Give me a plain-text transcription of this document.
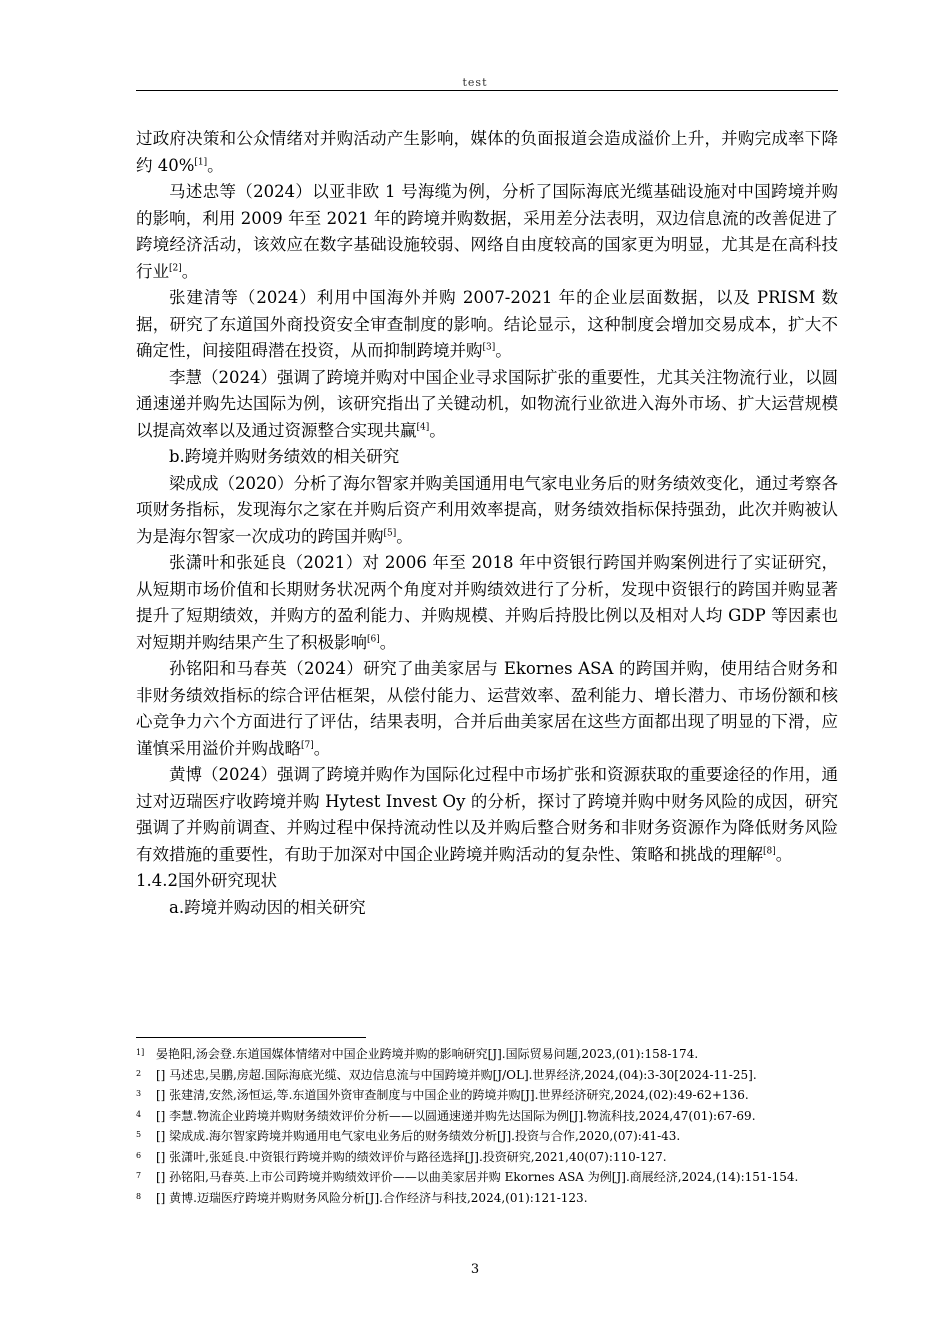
test

过政府决策和公众情绪对并购活动产生影响，媒体的负面报道会造成溢价上升，并购完成率下降约 40%[1]。

马述忠等（2024）以亚非欧 1 号海缆为例，分析了国际海底光缆基础设施对中国跨境并购的影响，利用 2009 年至 2021 年的跨境并购数据，采用差分法表明，双边信息流的改善促进了跨境经济活动，该效应在数字基础设施较弱、网络自由度较高的国家更为明显，尤其是在高科技行业[2]。

张建清等（2024）利用中国海外并购 2007-2021 年的企业层面数据，以及 PRISM 数据，研究了东道国外商投资安全审查制度的影响。结论显示，这种制度会增加交易成本，扩大不确定性，间接阻碍潜在投资，从而抑制跨境并购[3]。

李慧（2024）强调了跨境并购对中国企业寻求国际扩张的重要性，尤其关注物流行业，以圆通速递并购先达国际为例，该研究指出了关键动机，如物流行业欲进入海外市场、扩大运营规模以提高效率以及通过资源整合实现共赢[4]。

b.跨境并购财务绩效的相关研究

梁成成（2020）分析了海尔智家并购美国通用电气家电业务后的财务绩效变化，通过考察各项财务指标，发现海尔之家在并购后资产利用效率提高，财务绩效指标保持强劲，此次并购被认为是海尔智家一次成功的跨国并购[5]。

张潇叶和张延良（2021）对 2006 年至 2018 年中资银行跨国并购案例进行了实证研究，从短期市场价值和长期财务状况两个角度对并购绩效进行了分析，发现中资银行的跨国并购显著提升了短期绩效，并购方的盈利能力、并购规模、并购后持股比例以及相对人均 GDP 等因素也对短期并购结果产生了积极影响[6]。

孙铭阳和马春英（2024）研究了曲美家居与 Ekornes ASA 的跨国并购，使用结合财务和非财务绩效指标的综合评估框架，从偿付能力、运营效率、盈利能力、增长潜力、市场份额和核心竞争力六个方面进行了评估，结果表明，合并后曲美家居在这些方面都出现了明显的下滑，应谨慎采用溢价并购战略[7]。

黄博（2024）强调了跨境并购作为国际化过程中市场扩张和资源获取的重要途径的作用，通过对迈瑞医疗收跨境并购 Hytest Invest Oy 的分析，探讨了跨境并购中财务风险的成因，研究强调了并购前调查、并购过程中保持流动性以及并购后整合财务和非财务资源作为降低财务风险有效措施的重要性，有助于加深对中国企业跨境并购活动的复杂性、策略和挑战的理解[8]。

1.4.2国外研究现状

a.跨境并购动因的相关研究

1] 晏艳阳,汤会登.东道国媒体情绪对中国企业跨境并购的影响研究[J].国际贸易问题,2023,(01):158-174.
2 [] 马述忠,吴鹏,房超.国际海底光缆、双边信息流与中国跨境并购[J/OL].世界经济,2024,(04):3-30[2024-11-25].
3 [] 张建清,安然,汤恒运,等.东道国外资审查制度与中国企业的跨境并购[J].世界经济研究,2024,(02):49-62+136.
4 [] 李慧.物流企业跨境并购财务绩效评价分析——以圆通速递并购先达国际为例[J].物流科技,2024,47(01):67-69.
5 [] 梁成成.海尔智家跨境并购通用电气家电业务后的财务绩效分析[J].投资与合作,2020,(07):41-43.
6 [] 张潇叶,张延良.中资银行跨境并购的绩效评价与路径选择[J].投资研究,2021,40(07):110-127.
7 [] 孙铭阳,马春英.上市公司跨境并购绩效评价——以曲美家居并购 Ekornes ASA 为例[J].商展经济,2024,(14):151-154.
8 [] 黄博.迈瑞医疗跨境并购财务风险分析[J].合作经济与科技,2024,(01):121-123.
3
